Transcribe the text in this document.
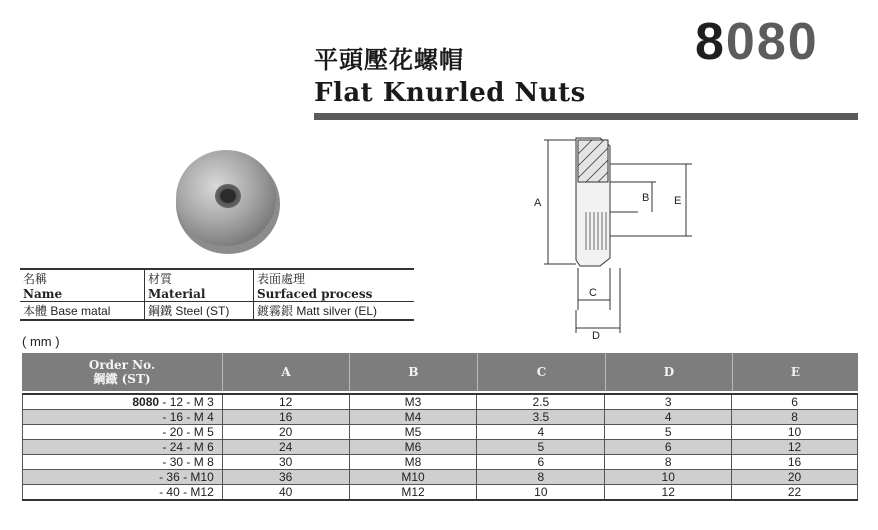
平頭壓花螺帽
Flat Knurled Nuts
8080
A	B E
C
D
名稱	材質	表面處理
Name	Material	Surfaced process
本體 Base matal	鋼鐵 Steel (ST)	鍍霧銀 Matt silver (EL)
( mm )
Order No.
鋼鐵 (ST)	A	B	C	D	E
8080 - 12 - M 3	12	M3	2.5	3	6
- 16 - M 4	16	M4	3.5	4	8
- 20 - M 5	20	M5	4	5	10
- 24 - M 6	24	M6	5	6	12
- 30 - M 8	30	M8	6	8	16
- 36 - M10	36	M10	8	10	20
- 40 - M12	40	M12	10	12	22
